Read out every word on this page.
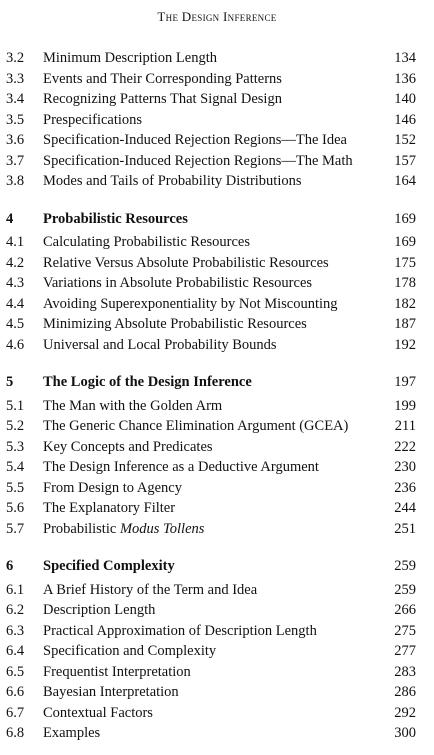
The Design Inference
3.2 Minimum Description Length	134
3.3 Events and Their Corresponding Patterns	136
3.4 Recognizing Patterns That Signal Design	140
3.5 Prespecifications	146
3.6 Specification-Induced Rejection Regions—The Idea	152
3.7 Specification-Induced Rejection Regions—The Math	157
3.8 Modes and Tails of Probability Distributions	164
4 Probabilistic Resources	169
4.1 Calculating Probabilistic Resources	169
4.2 Relative Versus Absolute Probabilistic Resources	175
4.3 Variations in Absolute Probabilistic Resources	178
4.4 Avoiding Superexponentiality by Not Miscounting	182
4.5 Minimizing Absolute Probabilistic Resources	187
4.6 Universal and Local Probability Bounds	192
5 The Logic of the Design Inference	197
5.1 The Man with the Golden Arm	199
5.2 The Generic Chance Elimination Argument (GCEA)	211
5.3 Key Concepts and Predicates	222
5.4 The Design Inference as a Deductive Argument	230
5.5 From Design to Agency	236
5.6 The Explanatory Filter	244
5.7 Probabilistic Modus Tollens	251
6 Specified Complexity	259
6.1 A Brief History of the Term and Idea	259
6.2 Description Length	266
6.3 Practical Approximation of Description Length	275
6.4 Specification and Complexity	277
6.5 Frequentist Interpretation	283
6.6 Bayesian Interpretation	286
6.7 Contextual Factors	292
6.8 Examples	300
